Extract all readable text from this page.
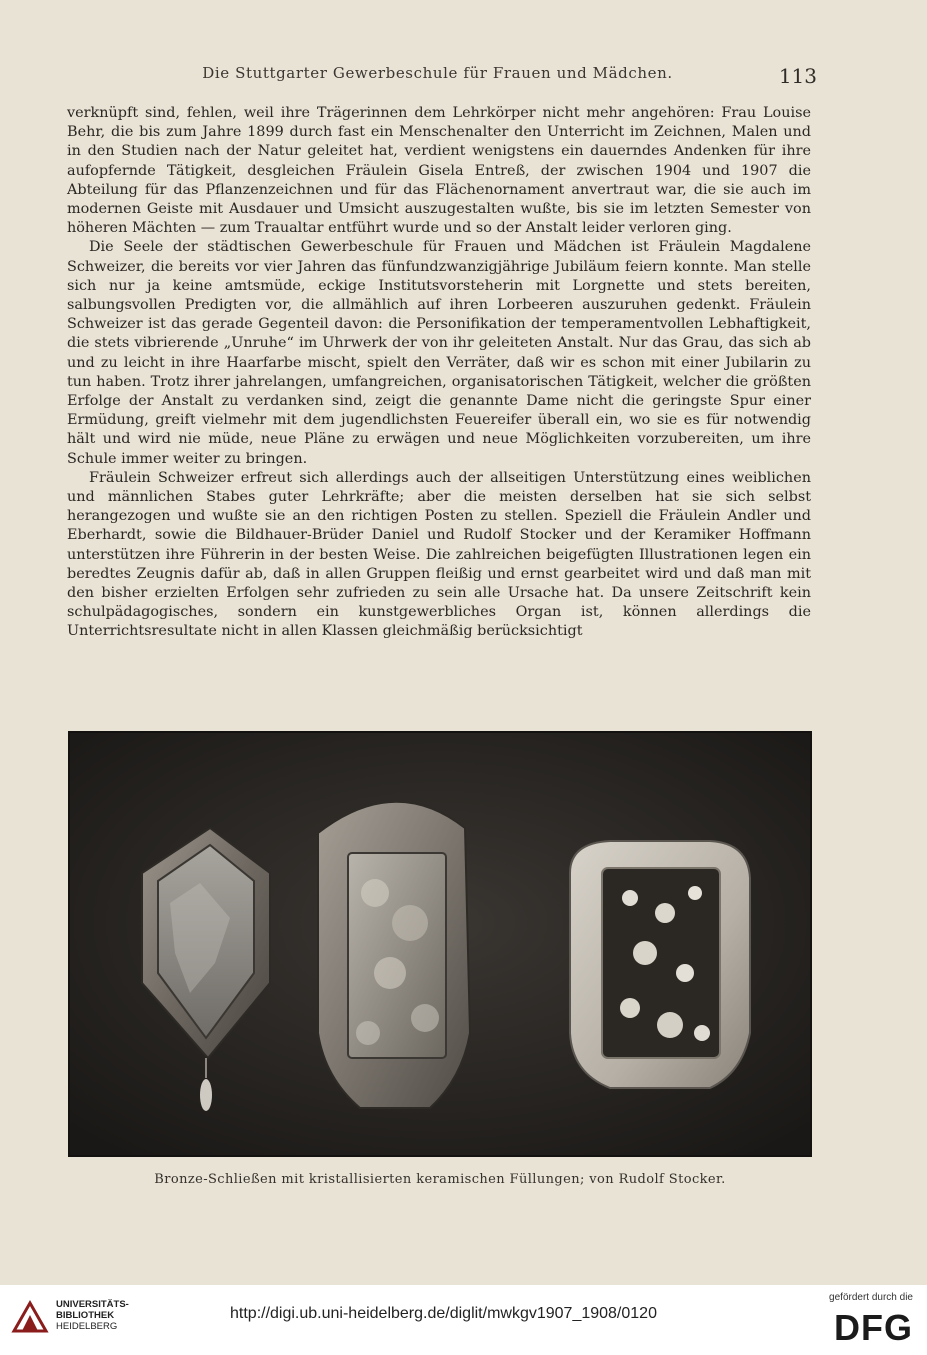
Die Stuttgarter Gewerbeschule für Frauen und Mädchen.	113

verknüpft sind, fehlen, weil ihre Trägerinnen dem Lehrkörper nicht mehr angehören: Frau Louise Behr, die bis zum Jahre 1899 durch fast ein Menschenalter den Unterricht im Zeichnen, Malen und in den Studien nach der Natur geleitet hat, verdient wenigstens ein dauerndes Andenken für ihre aufopfernde Tätigkeit, desgleichen Fräulein Gisela Entreß, der zwischen 1904 und 1907 die Abteilung für das Pflanzenzeichnen und für das Flächenornament anvertraut war, die sie auch im modernen Geiste mit Ausdauer und Umsicht auszugestalten wußte, bis sie im letzten Semester von höheren Mächten — zum Traualtar entführt wurde und so der Anstalt leider verloren ging.

Die Seele der städtischen Gewerbeschule für Frauen und Mädchen ist Fräulein Magdalene Schweizer, die bereits vor vier Jahren das fünfundzwanzigjährige Jubiläum feiern konnte. Man stelle sich nur ja keine amtsmüde, eckige Institutsvorsteherin mit Lorgnette und stets bereiten, salbungsvollen Predigten vor, die allmählich auf ihren Lorbeeren auszuruhen gedenkt. Fräulein Schweizer ist das gerade Gegenteil davon: die Personifikation der temperamentvollen Lebhaftigkeit, die stets vibrierende „Unruhe“ im Uhrwerk der von ihr geleiteten Anstalt. Nur das Grau, das sich ab und zu leicht in ihre Haarfarbe mischt, spielt den Verräter, daß wir es schon mit einer Jubilarin zu tun haben. Trotz ihrer jahrelangen, umfangreichen, organisatorischen Tätigkeit, welcher die größten Erfolge der Anstalt zu verdanken sind, zeigt die genannte Dame nicht die geringste Spur einer Ermüdung, greift vielmehr mit dem jugendlichsten Feuereifer überall ein, wo sie es für notwendig hält und wird nie müde, neue Pläne zu erwägen und neue Möglichkeiten vorzubereiten, um ihre Schule immer weiter zu bringen.

Fräulein Schweizer erfreut sich allerdings auch der allseitigen Unterstützung eines weiblichen und männlichen Stabes guter Lehrkräfte; aber die meisten derselben hat sie sich selbst herangezogen und wußte sie an den richtigen Posten zu stellen. Speziell die Fräulein Andler und Eberhardt, sowie die Bildhauer-Brüder Daniel und Rudolf Stocker und der Keramiker Hoffmann unterstützen ihre Führerin in der besten Weise. Die zahlreichen beigefügten Illustrationen legen ein beredtes Zeugnis dafür ab, daß in allen Gruppen fleißig und ernst gearbeitet wird und daß man mit den bisher erzielten Erfolgen sehr zufrieden zu sein alle Ursache hat. Da unsere Zeitschrift kein schulpädagogisches, sondern ein kunstgewerbliches Organ ist, können allerdings die Unterrichtsresultate nicht in allen Klassen gleichmäßig berücksichtigt

Bronze-Schließen mit kristallisierten keramischen Füllungen; von Rudolf Stocker.
UNIVERSITÄTS-
BIBLIOTHEK
HEIDELBERG
http://digi.ub.uni-heidelberg.de/diglit/mwkgv1907_1908/0120
gefördert durch die
DFG
